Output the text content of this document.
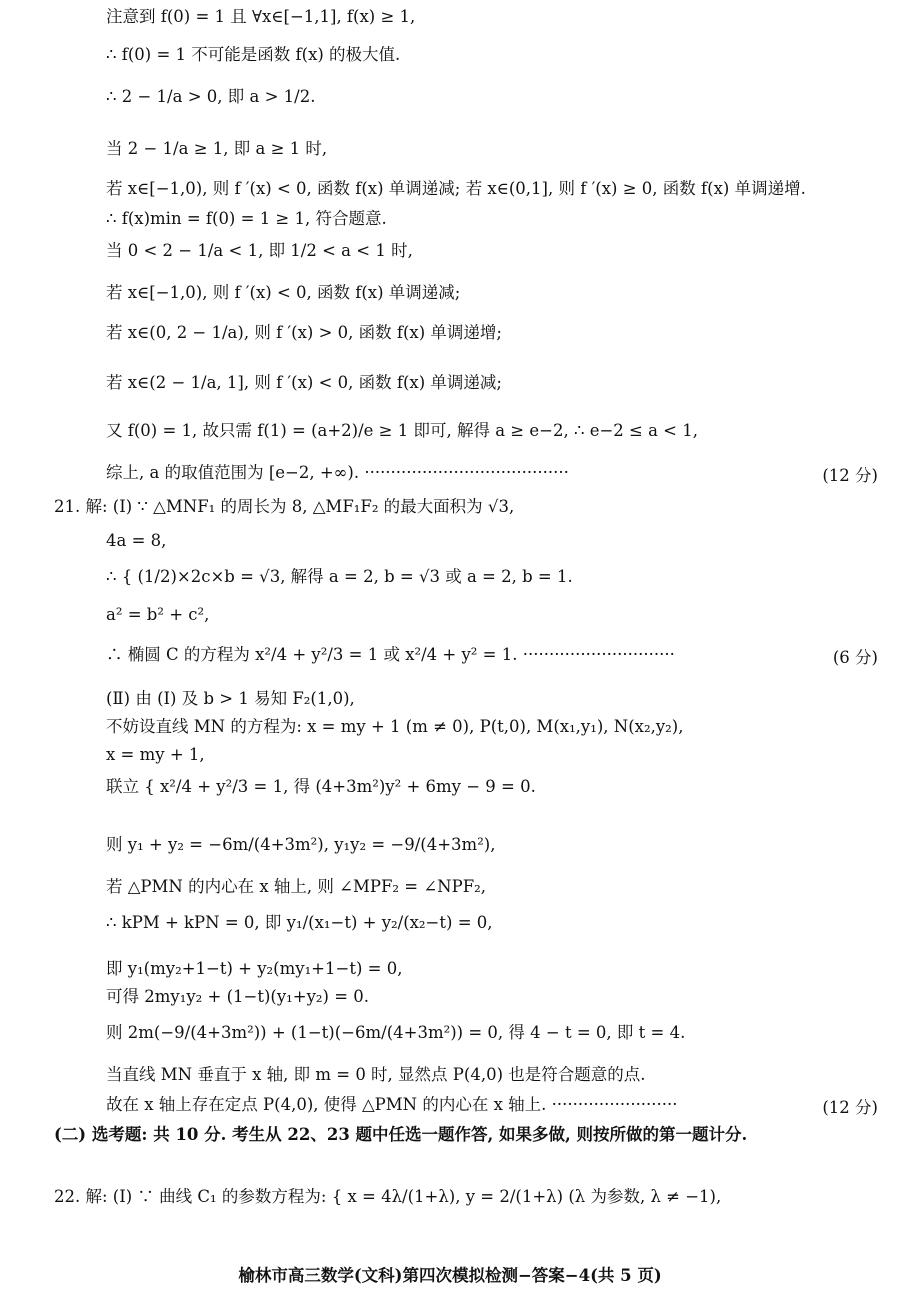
注意到 f(0) = 1 且 ∀x∈[−1,1], f(x) ≥ 1,
∴ f(0) = 1 不可能是函数 f(x) 的极大值.
∴ 2 − 1/a > 0, 即 a > 1/2.
当 2 − 1/a ≥ 1, 即 a ≥ 1 时,
若 x∈[−1,0), 则 f ′(x) < 0, 函数 f(x) 单调递减; 若 x∈(0,1], 则 f ′(x) ≥ 0, 函数 f(x) 单调递增.
∴ f(x)min = f(0) = 1 ≥ 1, 符合题意.
当 0 < 2 − 1/a < 1, 即 1/2 < a < 1 时,
若 x∈[−1,0), 则 f ′(x) < 0, 函数 f(x) 单调递减;
若 x∈(0, 2 − 1/a), 则 f ′(x) > 0, 函数 f(x) 单调递增;
若 x∈(2 − 1/a, 1], 则 f ′(x) < 0, 函数 f(x) 单调递减;
又 f(0) = 1, 故只需 f(1) = (a+2)/e ≥ 1 即可, 解得 a ≥ e−2, ∴ e−2 ≤ a < 1,
综上, a 的取值范围为 [e−2, +∞). ·······································	(12 分)
21. 解: (Ⅰ) ∵ △MNF₁ 的周长为 8, △MF₁F₂ 的最大面积为 √3,
4a = 8,
∴ { (1/2)×2c×b = √3, 解得 a = 2, b = √3 或 a = 2, b = 1.
a² = b² + c²,
∴ 椭圆 C 的方程为 x²/4 + y²/3 = 1 或 x²/4 + y² = 1. ·····························	(6 分)
(Ⅱ) 由 (Ⅰ) 及 b > 1 易知 F₂(1,0),
不妨设直线 MN 的方程为: x = my + 1 (m ≠ 0), P(t,0), M(x₁,y₁), N(x₂,y₂),
x = my + 1,
联立 { x²/4 + y²/3 = 1, 得 (4+3m²)y² + 6my − 9 = 0.
则 y₁ + y₂ = −6m/(4+3m²), y₁y₂ = −9/(4+3m²),
若 △PMN 的内心在 x 轴上, 则 ∠MPF₂ = ∠NPF₂,
∴ kPM + kPN = 0, 即 y₁/(x₁−t) + y₂/(x₂−t) = 0,
即 y₁(my₂+1−t) + y₂(my₁+1−t) = 0,
可得 2my₁y₂ + (1−t)(y₁+y₂) = 0.
则 2m(−9/(4+3m²)) + (1−t)(−6m/(4+3m²)) = 0, 得 4 − t = 0, 即 t = 4.
当直线 MN 垂直于 x 轴, 即 m = 0 时, 显然点 P(4,0) 也是符合题意的点.
故在 x 轴上存在定点 P(4,0), 使得 △PMN 的内心在 x 轴上. ························	(12 分)
(二) 选考题: 共 10 分. 考生从 22、23 题中任选一题作答, 如果多做, 则按所做的第一题计分.
22. 解: (Ⅰ) ∵ 曲线 C₁ 的参数方程为: { x = 4λ/(1+λ), y = 2/(1+λ) (λ 为参数, λ ≠ −1),
榆林市高三数学(文科)第四次模拟检测−答案−4(共 5 页)
